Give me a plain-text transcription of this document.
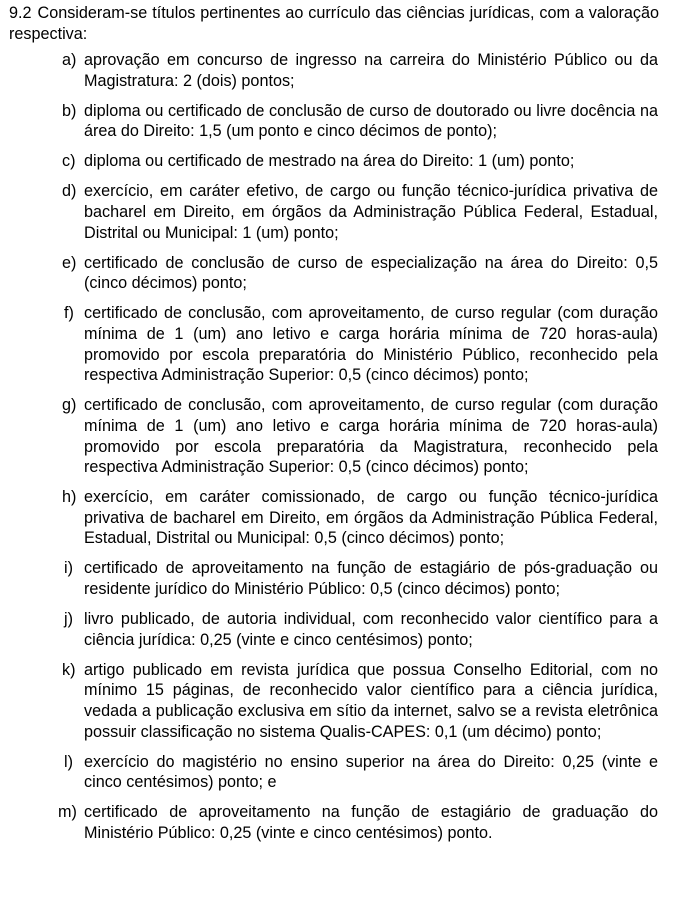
9.2 Consideram-se títulos pertinentes ao currículo das ciências jurídicas, com a valoração respectiva:

a) aprovação em concurso de ingresso na carreira do Ministério Público ou da Magistratura: 2 (dois) pontos;
b) diploma ou certificado de conclusão de curso de doutorado ou livre docência na área do Direito: 1,5 (um ponto e cinco décimos de ponto);
c) diploma ou certificado de mestrado na área do Direito: 1 (um) ponto;
d) exercício, em caráter efetivo, de cargo ou função técnico-jurídica privativa de bacharel em Direito, em órgãos da Administração Pública Federal, Estadual, Distrital ou Municipal: 1 (um) ponto;
e) certificado de conclusão de curso de especialização na área do Direito: 0,5 (cinco décimos) ponto;
f) certificado de conclusão, com aproveitamento, de curso regular (com duração mínima de 1 (um) ano letivo e carga horária mínima de 720 horas-aula) promovido por escola preparatória do Ministério Público, reconhecido pela respectiva Administração Superior: 0,5 (cinco décimos) ponto;
g) certificado de conclusão, com aproveitamento, de curso regular (com duração mínima de 1 (um) ano letivo e carga horária mínima de 720 horas-aula) promovido por escola preparatória da Magistratura, reconhecido pela respectiva Administração Superior: 0,5 (cinco décimos) ponto;
h) exercício, em caráter comissionado, de cargo ou função técnico-jurídica privativa de bacharel em Direito, em órgãos da Administração Pública Federal, Estadual, Distrital ou Municipal: 0,5 (cinco décimos) ponto;
i) certificado de aproveitamento na função de estagiário de pós-graduação ou residente jurídico do Ministério Público: 0,5 (cinco décimos) ponto;
j) livro publicado, de autoria individual, com reconhecido valor científico para a ciência jurídica: 0,25 (vinte e cinco centésimos) ponto;
k) artigo publicado em revista jurídica que possua Conselho Editorial, com no mínimo 15 páginas, de reconhecido valor científico para a ciência jurídica, vedada a publicação exclusiva em sítio da internet, salvo se a revista eletrônica possuir classificação no sistema Qualis-CAPES: 0,1 (um décimo) ponto;
l) exercício do magistério no ensino superior na área do Direito: 0,25 (vinte e cinco centésimos) ponto; e
m) certificado de aproveitamento na função de estagiário de graduação do Ministério Público: 0,25 (vinte e cinco centésimos) ponto.
